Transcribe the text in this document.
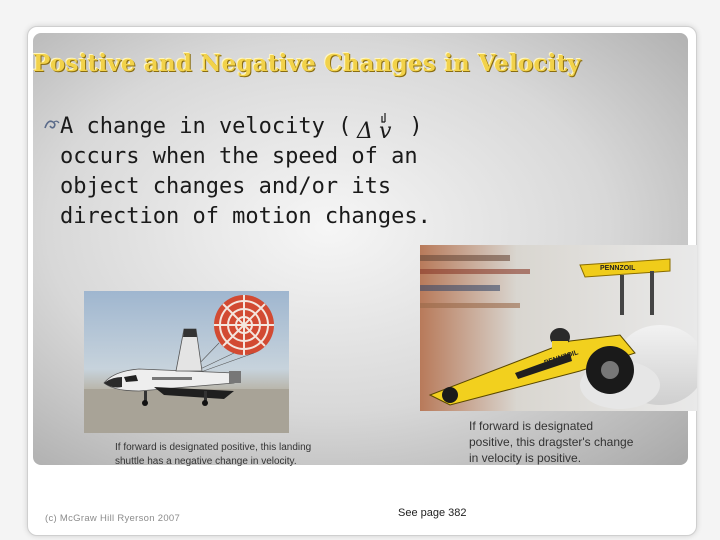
Positive and Negative Changes in Velocity
A change in velocity ( Δ v )
occurs when the speed of an
object changes and/or its
direction of motion changes.
PENNZOIL
PENNZOIL
If forward is designated positive, this landing shuttle has a negative change in velocity.
If forward is designated positive, this dragster's change in velocity is positive.
(c) McGraw Hill Ryerson 2007	See page 382
